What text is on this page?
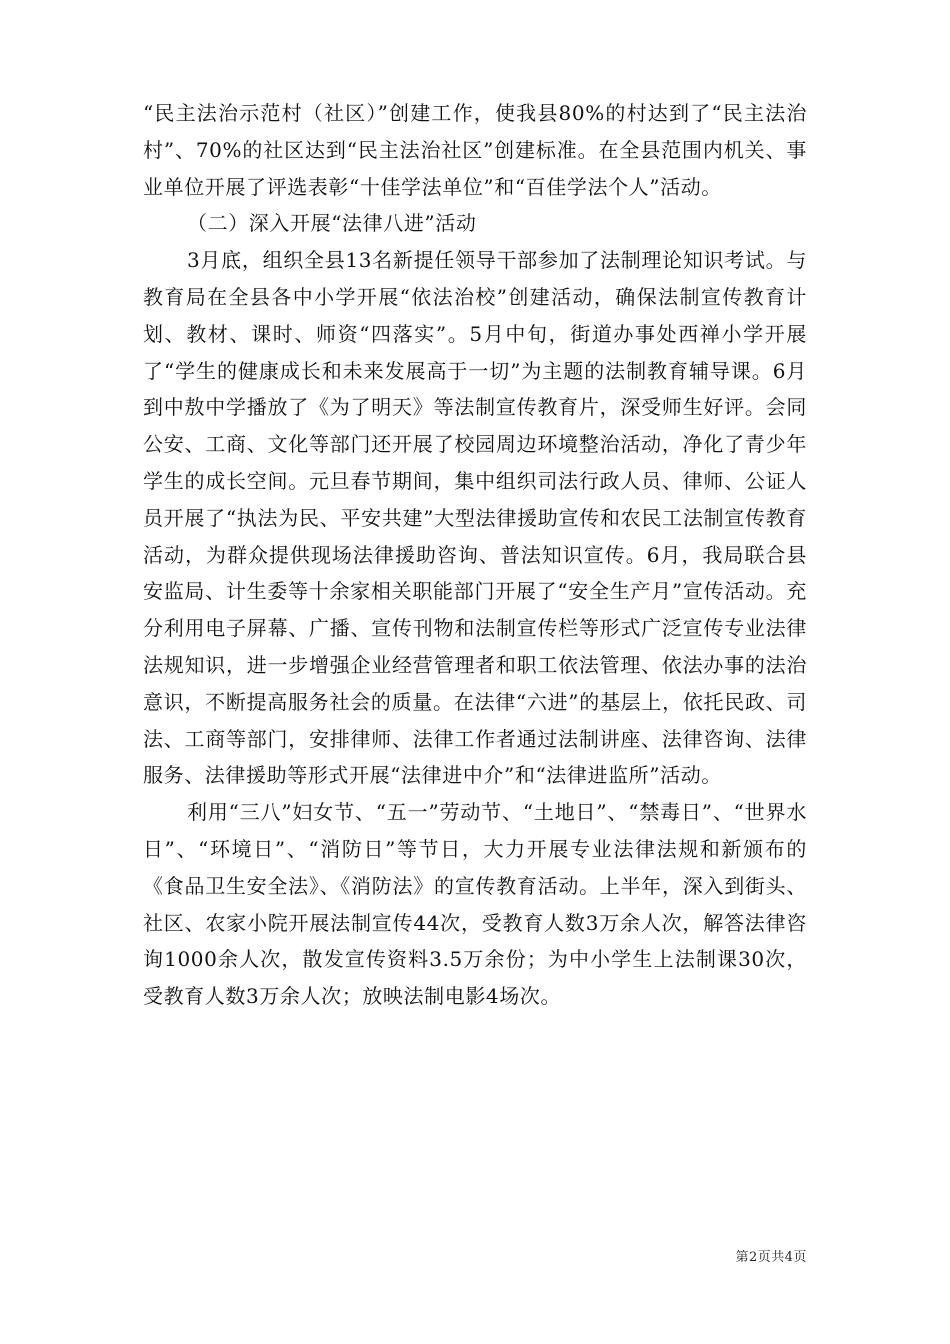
“民主法治示范村（社区）”创建工作，使我县80%的村达到了“民主法治村”、70%的社区达到“民主法治社区”创建标准。在全县范围内机关、事业单位开展了评选表彰“十佳学法单位”和“百佳学法个人”活动。

（二）深入开展“法律八进”活动

3月底，组织全县13名新提任领导干部参加了法制理论知识考试。与教育局在全县各中小学开展“依法治校”创建活动，确保法制宣传教育计划、教材、课时、师资“四落实”。5月中旬，街道办事处西禅小学开展了“学生的健康成长和未来发展高于一切”为主题的法制教育辅导课。6月到中敖中学播放了《为了明天》等法制宣传教育片，深受师生好评。会同公安、工商、文化等部门还开展了校园周边环境整治活动，净化了青少年学生的成长空间。元旦春节期间，集中组织司法行政人员、律师、公证人员开展了“执法为民、平安共建”大型法律援助宣传和农民工法制宣传教育活动，为群众提供现场法律援助咨询、普法知识宣传。6月，我局联合县安监局、计生委等十余家相关职能部门开展了“安全生产月”宣传活动。充分利用电子屏幕、广播、宣传刊物和法制宣传栏等形式广泛宣传专业法律法规知识，进一步增强企业经营管理者和职工依法管理、依法办事的法治意识，不断提高服务社会的质量。在法律“六进”的基层上，依托民政、司法、工商等部门，安排律师、法律工作者通过法制讲座、法律咨询、法律服务、法律援助等形式开展“法律进中介”和“法律进监所”活动。

利用“三八”妇女节、“五一”劳动节、“土地日”、“禁毒日”、“世界水日”、“环境日”、“消防日”等节日，大力开展专业法律法规和新颁布的《食品卫生安全法》、《消防法》的宣传教育活动。上半年，深入到街头、社区、农家小院开展法制宣传44次，受教育人数3万余人次，解答法律咨询1000余人次，散发宣传资料3.5万余份；为中小学生上法制课30次，受教育人数3万余人次；放映法制电影4场次。

第2页共4页
